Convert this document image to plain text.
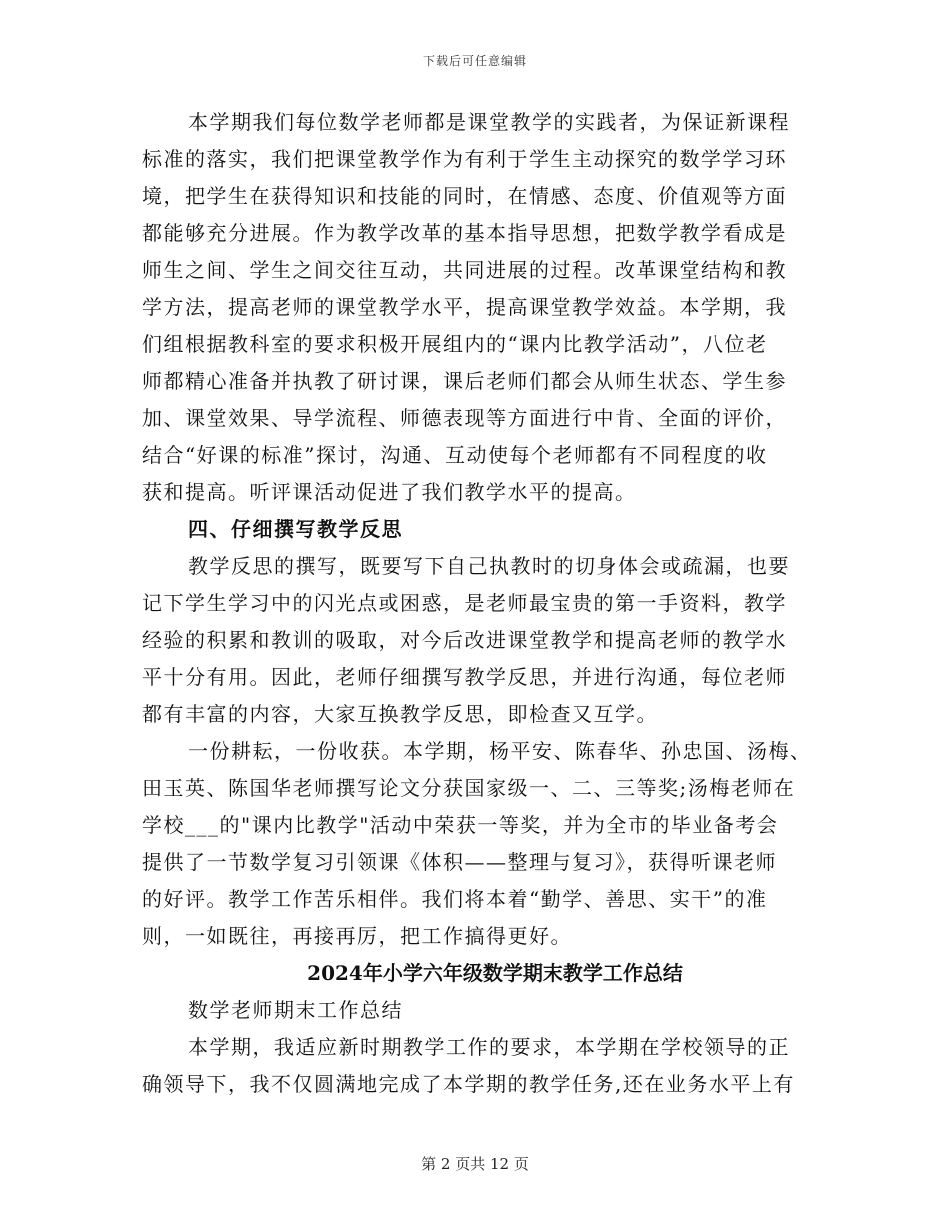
下载后可任意编辑
本学期我们每位数学老师都是课堂教学的实践者，为保证新课程
标准的落实，我们把课堂教学作为有利于学生主动探究的数学学习环
境，把学生在获得知识和技能的同时，在情感、态度、价值观等方面
都能够充分进展。作为教学改革的基本指导思想，把数学教学看成是
师生之间、学生之间交往互动，共同进展的过程。改革课堂结构和教
学方法，提高老师的课堂教学水平，提高课堂教学效益。本学期，我
们组根据教科室的要求积极开展组内的“课内比教学活动”，八位老
师都精心准备并执教了研讨课，课后老师们都会从师生状态、学生参
加、课堂效果、导学流程、师德表现等方面进行中肯、全面的评价，
结合“好课的标准”探讨，沟通、互动使每个老师都有不同程度的收
获和提高。听评课活动促进了我们教学水平的提高。
四、仔细撰写教学反思
教学反思的撰写，既要写下自己执教时的切身体会或疏漏，也要
记下学生学习中的闪光点或困惑，是老师最宝贵的第一手资料，教学
经验的积累和教训的吸取，对今后改进课堂教学和提高老师的教学水
平十分有用。因此，老师仔细撰写教学反思，并进行沟通，每位老师
都有丰富的内容，大家互换教学反思，即检查又互学。
一份耕耘，一份收获。本学期，杨平安、陈春华、孙忠国、汤梅、
田玉英、陈国华老师撰写论文分获国家级一、二、三等奖;汤梅老师在
学校___的"课内比教学"活动中荣获一等奖，并为全市的毕业备考会
提供了一节数学复习引领课《体积——整理与复习》，获得听课老师
的好评。教学工作苦乐相伴。我们将本着“勤学、善思、实干”的准
则，一如既往，再接再厉，把工作搞得更好。
2024年小学六年级数学期末教学工作总结
数学老师期末工作总结
本学期，我适应新时期教学工作的要求，本学期在学校领导的正
确领导下，我不仅圆满地完成了本学期的教学任务,还在业务水平上有
第 2 页共 12 页
